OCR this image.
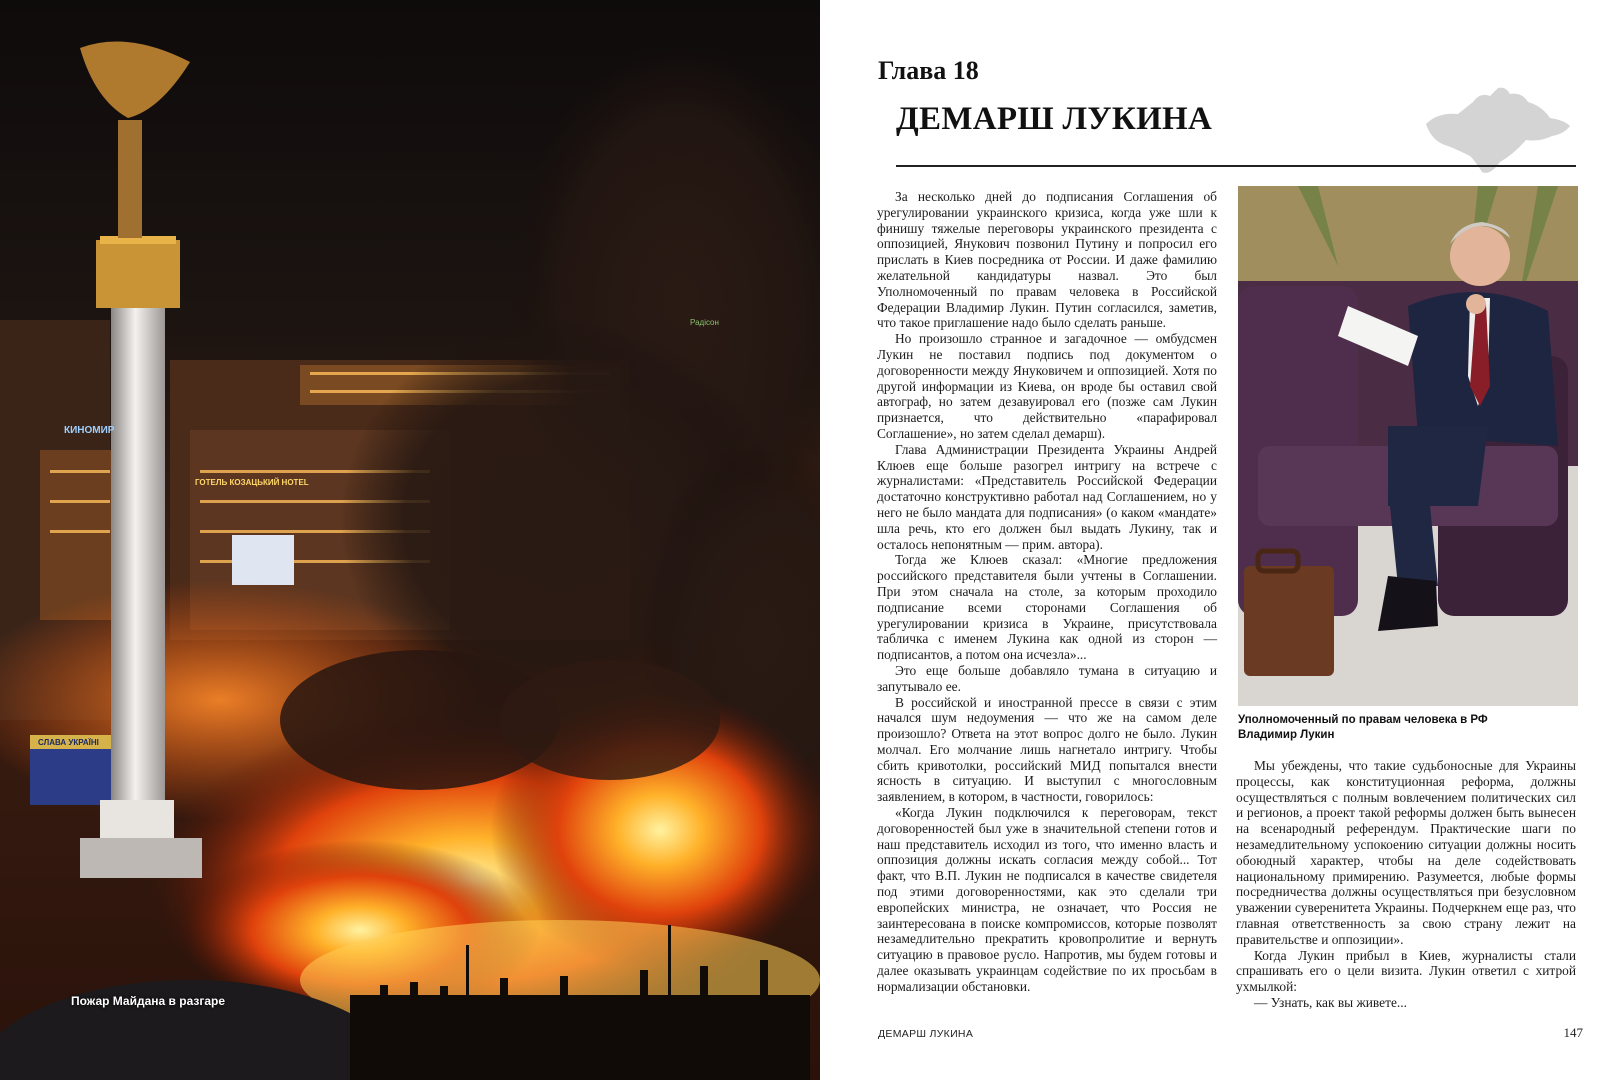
КИНОМИР
ГОТЕЛЬ КОЗАЦЬКИЙ HOTEL
СЛАВА УКРАЇНІ
Радісон
Пожар Майдана в разгаре
Глава 18
ДЕМАРШ ЛУКИНА

За несколько дней до подписания Соглашения об урегулировании украинского кризиса, когда уже шли к финишу тяжелые переговоры украинского президента с оппозицией, Янукович позвонил Путину и попросил его прислать в Киев посредника от России. И даже фамилию желательной кандидатуры назвал. Это был Уполномоченный по правам человека в Российской Федерации Владимир Лукин. Путин согласился, заметив, что такое приглашение надо было сделать раньше.

Но произошло странное и загадочное — омбудсмен Лукин не поставил подпись под документом о договоренности между Януковичем и оппозицией. Хотя по другой информации из Киева, он вроде бы оставил свой автограф, но затем дезавуировал его (позже сам Лукин признается, что действительно «парафировал Соглашение», но затем сделал демарш).

Глава Администрации Президента Украины Андрей Клюев еще больше разогрел интригу на встрече с журналистами: «Представитель Российской Федерации достаточно конструктивно работал над Соглашением, но у него не было мандата для подписания» (о каком «мандате» шла речь, кто его должен был выдать Лукину, так и осталось непонятным — прим. автора).

Тогда же Клюев сказал: «Многие предложения российского представителя были учтены в Соглашении. При этом сначала на столе, за которым проходило подписание всеми сторонами Соглашения об урегулировании кризиса в Украине, присутствовала табличка с именем Лукина как одной из сторон — подписантов, а потом она исчезла»...

Это еще больше добавляло тумана в ситуацию и запутывало ее.

В российской и иностранной прессе в связи с этим начался шум недоумения — что же на самом деле произошло? Ответа на этот вопрос долго не было. Лукин молчал. Его молчание лишь нагнетало интригу. Чтобы сбить кривотолки, российский МИД попытался внести ясность в ситуацию. И выступил с многословным заявлением, в котором, в частности, говорилось:

«Когда Лукин подключился к переговорам, текст договоренностей был уже в значительной степени готов и наш представитель исходил из того, что именно власть и оппозиция должны искать согласия между собой... Тот факт, что В.П. Лукин не подписался в качестве свидетеля под этими договоренностями, как это сделали три европейских министра, не означает, что Россия не заинтересована в поиске компромиссов, которые позволят незамедлительно прекратить кровопролитие и вернуть ситуацию в правовое русло. Напротив, мы будем готовы и далее оказывать украинцам содействие по их просьбам в нормализации обстановки.

Уполномоченный по правам человека в РФ
Владимир Лукин

Мы убеждены, что такие судьбоносные для Украины процессы, как конституционная реформа, должны осуществляться с полным вовлечением политических сил и регионов, а проект такой реформы должен быть вынесен на всенародный референдум. Практические шаги по незамедлительному успокоению ситуации должны носить обоюдный характер, чтобы на деле содействовать национальному примирению. Разумеется, любые формы посредничества должны осуществляться при безусловном уважении суверенитета Украины. Подчеркнем еще раз, что главная ответственность за свою страну лежит на правительстве и оппозиции».

Когда Лукин прибыл в Киев, журналисты стали спрашивать его о цели визита. Лукин ответил с хитрой ухмылкой:

— Узнать, как вы живете...

ДЕМАРШ ЛУКИНА	147
